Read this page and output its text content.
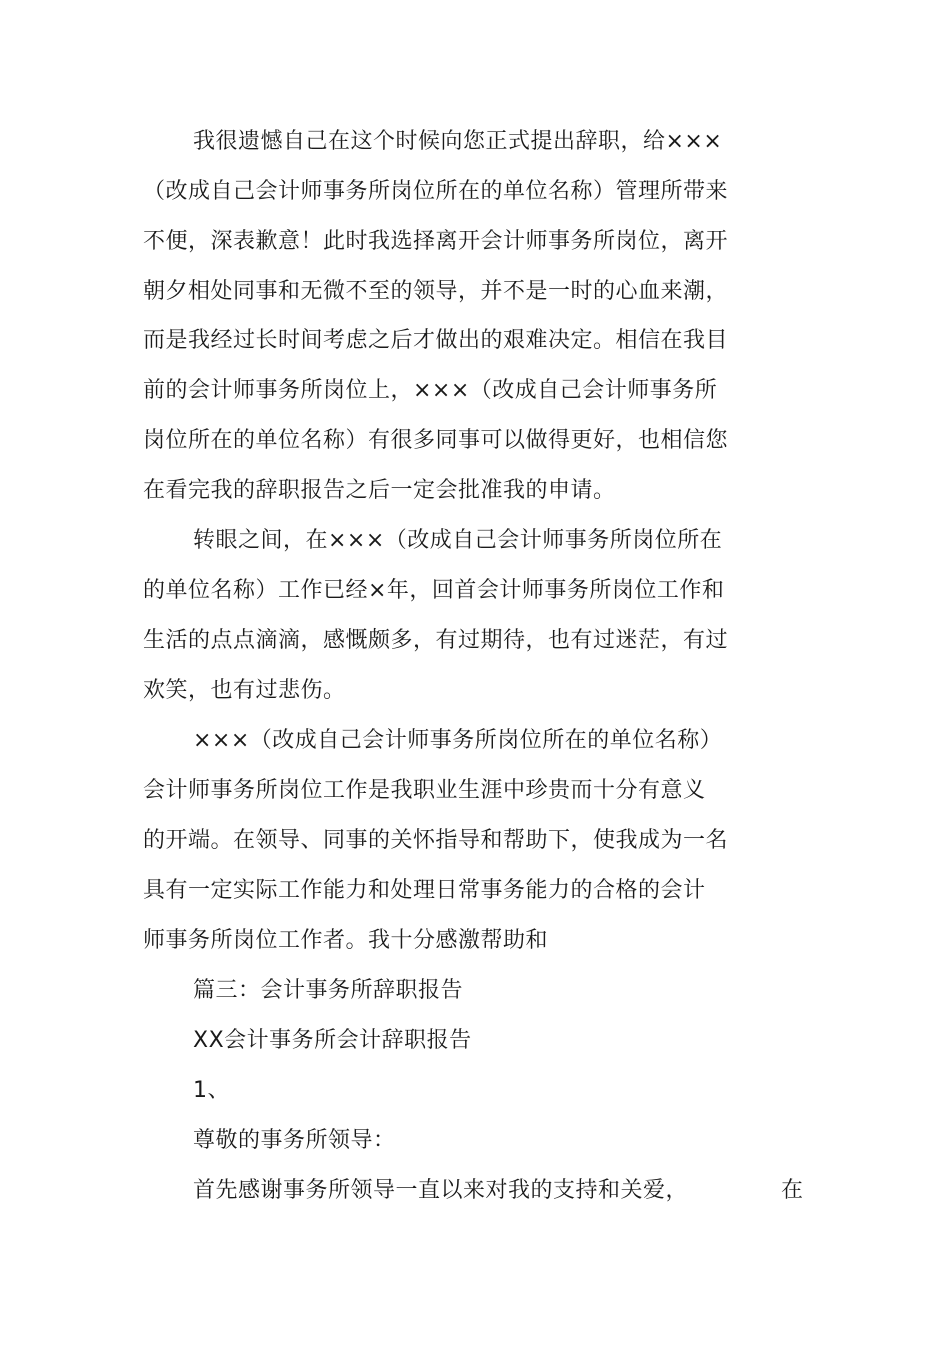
我很遗憾自己在这个时候向您正式提出辞职，给×××
（改成自己会计师事务所岗位所在的单位名称）管理所带来
不便，深表歉意！此时我选择离开会计师事务所岗位，离开
朝夕相处同事和无微不至的领导，并不是一时的心血来潮，
而是我经过长时间考虑之后才做出的艰难决定。相信在我目
前的会计师事务所岗位上，×××（改成自己会计师事务所
岗位所在的单位名称）有很多同事可以做得更好，也相信您
在看完我的辞职报告之后一定会批准我的申请。
转眼之间，在×××（改成自己会计师事务所岗位所在
的单位名称）工作已经×年，回首会计师事务所岗位工作和
生活的点点滴滴，感慨颇多，有过期待，也有过迷茫，有过
欢笑，也有过悲伤。
×××（改成自己会计师事务所岗位所在的单位名称）
会计师事务所岗位工作是我职业生涯中珍贵而十分有意义
的开端。在领导、同事的关怀指导和帮助下，使我成为一名
具有一定实际工作能力和处理日常事务能力的合格的会计
师事务所岗位工作者。我十分感激帮助和
篇三：会计事务所辞职报告
XX会计事务所会计辞职报告
1、
尊敬的事务所领导：
首先感谢事务所领导一直以来对我的支持和关爱，	在
